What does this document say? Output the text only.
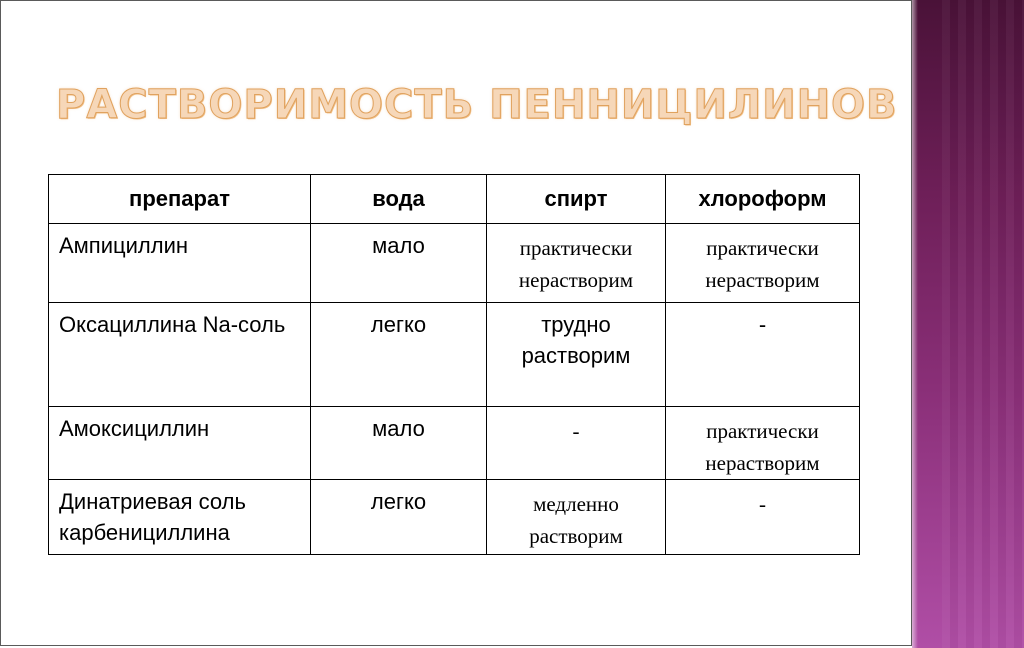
РАСТВОРИМОСТЬ ПЕННИЦИЛИНОВ
препарат	вода	спирт	хлороформ

Ампициллин	мало	практически нерастворим	практически нерастворим

Оксациллина Na-соль	легко	трудно растворим	-

Амоксициллин	мало	-	практически нерастворим

Динатриевая соль карбенициллина	легко	медленно растворим	-
